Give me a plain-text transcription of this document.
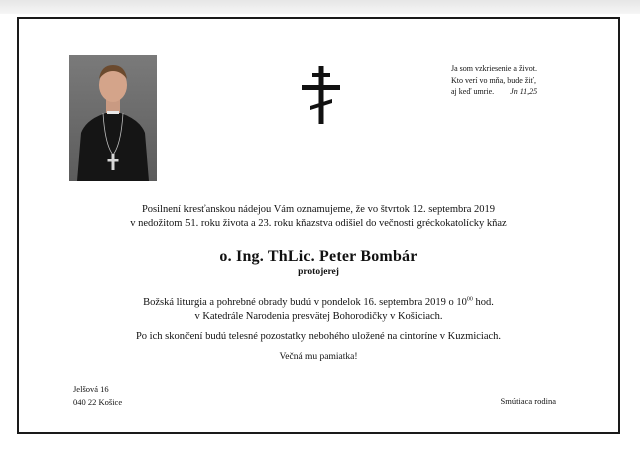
Ja som vzkriesenie a život.
Kto verí vo mňa, bude žiť,
aj keď umrie. Jn 11,25
Posilnení kresťanskou nádejou Vám oznamujeme, že vo štvrtok 12. septembra 2019
v nedožitom 51. roku života a 23. roku kňazstva odišiel do večnosti gréckokatolícky kňaz
o. Ing. ThLic. Peter Bombár
protojerej
Božská liturgia a pohrebné obrady budú v pondelok 16. septembra 2019 o $10^{00}$ hod.
v Katedrále Narodenia presvätej Bohorodičky v Košiciach.
Po ich skončení budú telesné pozostatky nebohého uložené na cintoríne v Kuzmiciach.
Večná mu pamiatka!
Jelšová 16
040 22 Košice	Smútiaca rodina
